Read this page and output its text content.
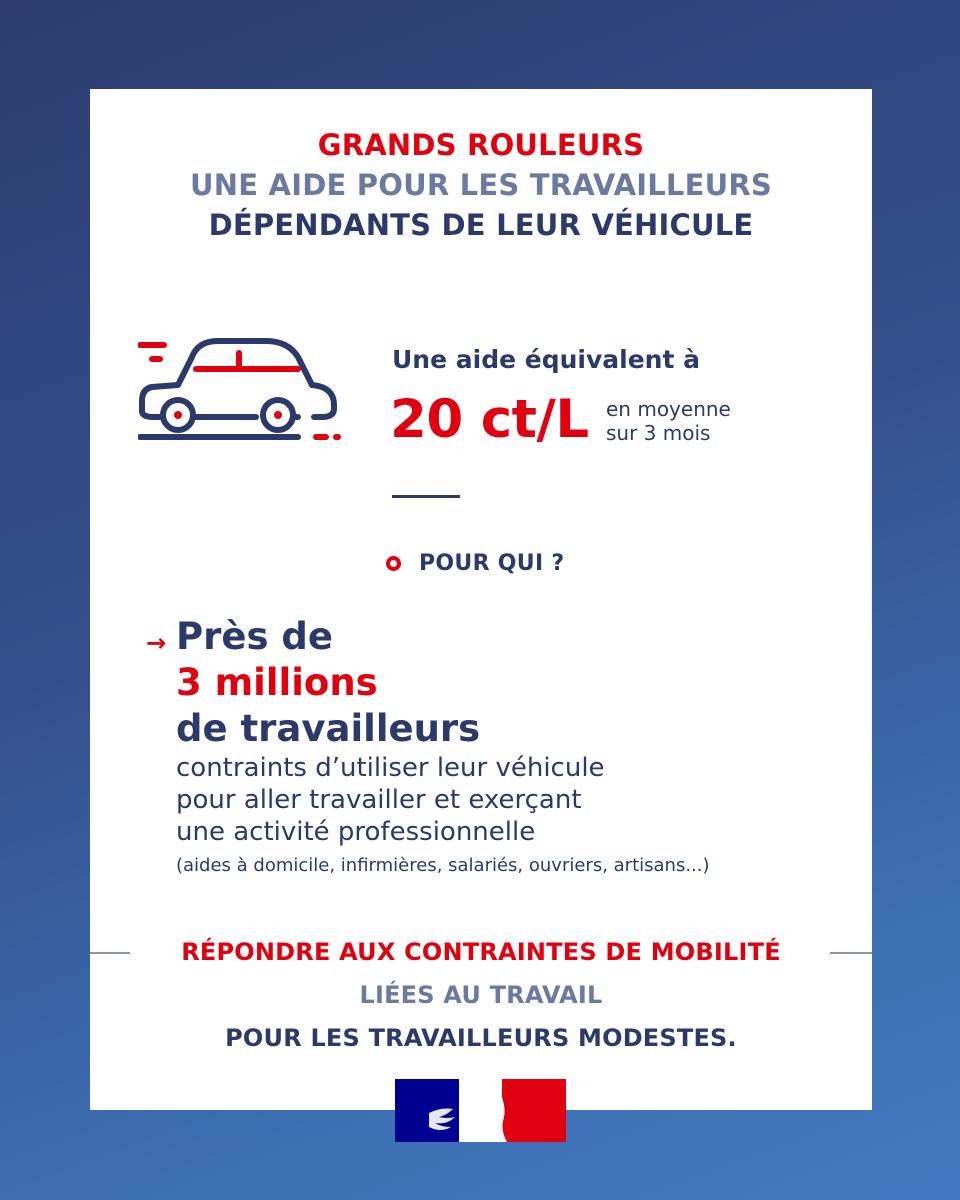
GRANDS ROULEURS
UNE AIDE POUR LES TRAVAILLEURS
DÉPENDANTS DE LEUR VÉHICULE
Une aide équivalent à
20 ct/L en moyenne
sur 3 mois
POUR QUI ?
→ Près de
3 millions
de travailleurs
contraints d’utiliser leur véhicule
pour aller travailler et exerçant
une activité professionnelle
(aides à domicile, infirmières, salariés, ouvriers, artisans...)
RÉPONDRE AUX CONTRAINTES DE MOBILITÉ
LIÉES AU TRAVAIL
POUR LES TRAVAILLEURS MODESTES.
